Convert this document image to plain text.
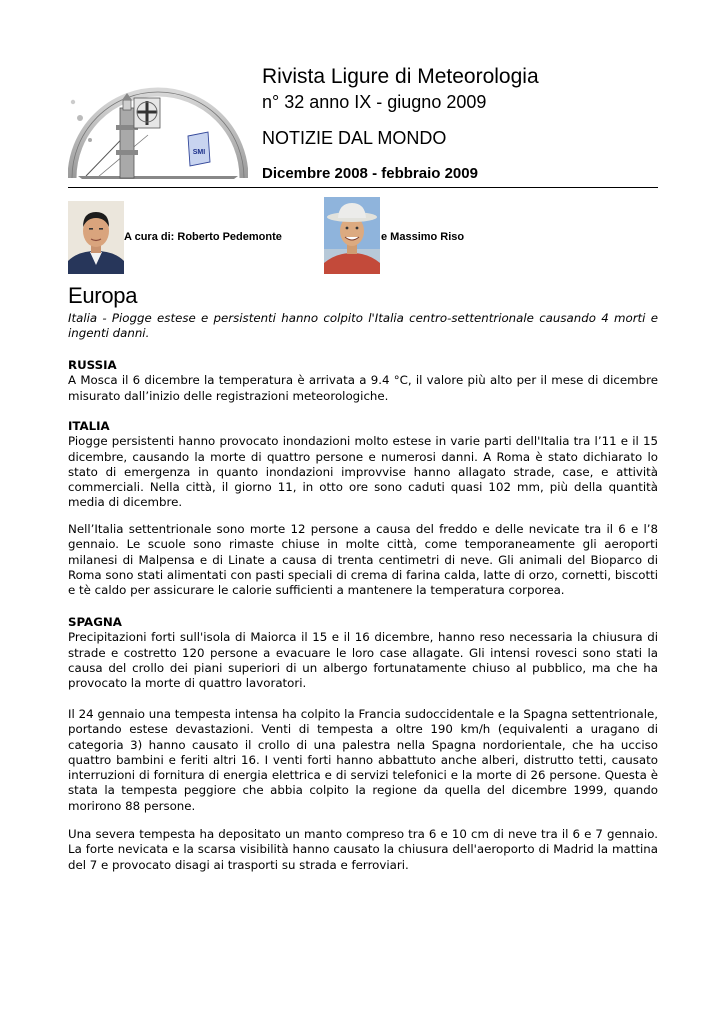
SMI
Rivista Ligure di Meteorologia
n° 32 anno IX - giugno 2009
NOTIZIE DAL MONDO
Dicembre 2008 - febbraio 2009
A cura di: Roberto Pedemonte	e Massimo Riso
Europa

Italia - Piogge estese e persistenti hanno colpito l'Italia centro-settentrionale causando 4 morti e ingenti danni.

RUSSIA
A Mosca il 6 dicembre la temperatura è arrivata a 9.4 °C, il valore più alto per il mese di dicembre misurato dall’inizio delle registrazioni meteorologiche.
ITALIA
Piogge persistenti hanno provocato inondazioni molto estese in varie parti dell'Italia tra l’11 e il 15 dicembre, causando la morte di quattro persone e numerosi danni. A Roma è stato dichiarato lo stato di emergenza in quanto inondazioni improvvise hanno allagato strade, case, e attività commerciali. Nella città, il giorno 11, in otto ore sono caduti quasi 102 mm, più della quantità media di dicembre.

Nell’Italia settentrionale sono morte 12 persone a causa del freddo e delle nevicate tra il 6 e l’8 gennaio. Le scuole sono rimaste chiuse in molte città, come temporaneamente gli aeroporti milanesi di Malpensa e di Linate a causa di trenta centimetri di neve. Gli animali del Bioparco di Roma sono stati alimentati con pasti speciali di crema di farina calda, latte di orzo, cornetti, biscotti e tè caldo per assicurare le calorie sufficienti a mantenere la temperatura corporea.

SPAGNA
Precipitazioni forti sull'isola di Maiorca il 15 e il 16 dicembre, hanno reso necessaria la chiusura di strade e costretto 120 persone a evacuare le loro case allagate. Gli intensi rovesci sono stati la causa del crollo dei piani superiori di un albergo fortunatamente chiuso al pubblico, ma che ha provocato la morte di quattro lavoratori.

Il 24 gennaio una tempesta intensa ha colpito la Francia sudoccidentale e la Spagna settentrionale, portando estese devastazioni. Venti di tempesta a oltre 190 km/h (equivalenti a uragano di categoria 3) hanno causato il crollo di una palestra nella Spagna nordorientale, che ha ucciso quattro bambini e feriti altri 16. I venti forti hanno abbattuto anche alberi, distrutto tetti, causato interruzioni di fornitura di energia elettrica e di servizi telefonici e la morte di 26 persone. Questa è stata la tempesta peggiore che abbia colpito la regione da quella del dicembre 1999, quando morirono 88 persone.

Una severa tempesta ha depositato un manto compreso tra 6 e 10 cm di neve tra il 6 e 7 gennaio. La forte nevicata e la scarsa visibilità hanno causato la chiusura dell'aeroporto di Madrid la mattina del 7 e provocato disagi ai trasporti su strada e ferroviari.
